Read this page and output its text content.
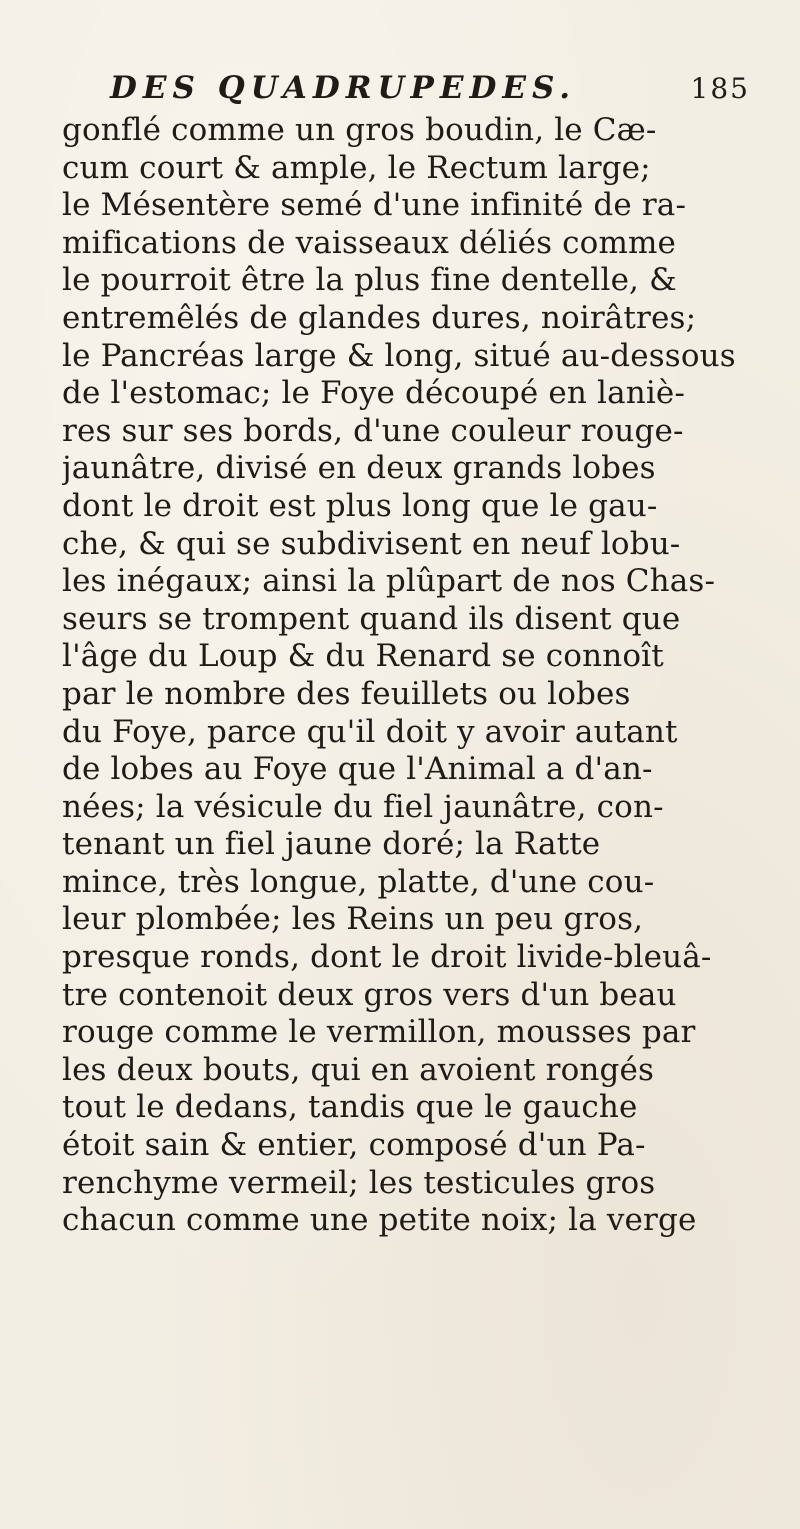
DES QUADRUPEDES.	185
gonflé comme un gros boudin, le Cæ-
cum court & ample, le Rectum large;
le Mésentère semé d'une infinité de ra-
mifications de vaisseaux déliés comme
le pourroit être la plus fine dentelle, &
entremêlés de glandes dures, noirâtres;
le Pancréas large & long, situé au-dessous
de l'estomac; le Foye découpé en laniè-
res sur ses bords, d'une couleur rouge-
jaunâtre, divisé en deux grands lobes
dont le droit est plus long que le gau-
che, & qui se subdivisent en neuf lobu-
les inégaux; ainsi la plûpart de nos Chas-
seurs se trompent quand ils disent que
l'âge du Loup & du Renard se connoît
par le nombre des feuillets ou lobes
du Foye, parce qu'il doit y avoir autant
de lobes au Foye que l'Animal a d'an-
nées; la vésicule du fiel jaunâtre, con-
tenant un fiel jaune doré; la Ratte
mince, très longue, platte, d'une cou-
leur plombée; les Reins un peu gros,
presque ronds, dont le droit livide-bleuâ-
tre contenoit deux gros vers d'un beau
rouge comme le vermillon, mousses par
les deux bouts, qui en avoient rongés
tout le dedans, tandis que le gauche
étoit sain & entier, composé d'un Pa-
renchyme vermeil; les testicules gros
chacun comme une petite noix; la verge
